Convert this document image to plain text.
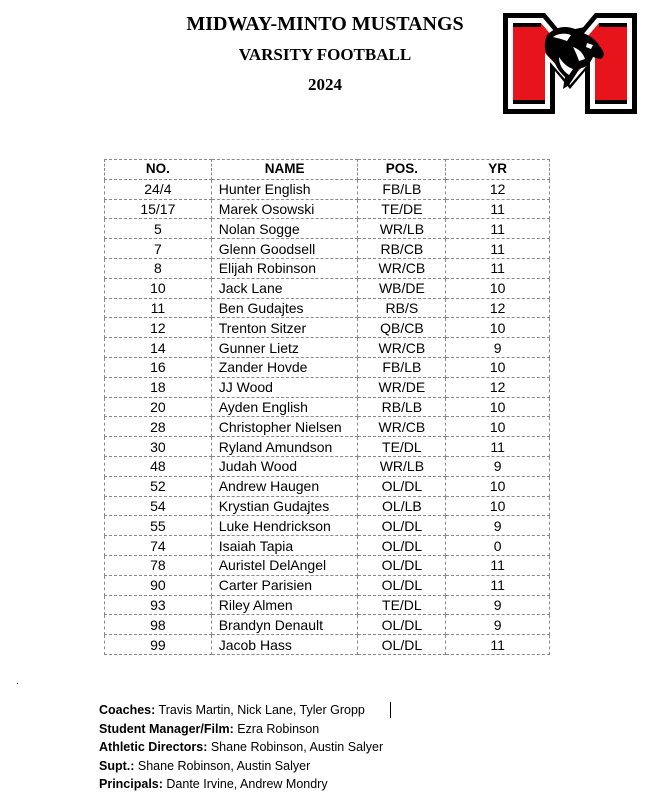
MIDWAY-MINTO MUSTANGS
VARSITY FOOTBALL
2024
NO.	NAME	POS.	YR
24/4	Hunter English	FB/LB	12
15/17	Marek Osowski	TE/DE	11
5	Nolan Sogge	WR/LB	11
7	Glenn Goodsell	RB/CB	11
8	Elijah Robinson	WR/CB	11
10	Jack Lane	WB/DE	10
11	Ben Gudajtes	RB/S	12
12	Trenton Sitzer	QB/CB	10
14	Gunner Lietz	WR/CB	9
16	Zander Hovde	FB/LB	10
18	JJ Wood	WR/DE	12
20	Ayden English	RB/LB	10
28	Christopher Nielsen	WR/CB	10
30	Ryland Amundson	TE/DL	11
48	Judah Wood	WR/LB	9
52	Andrew Haugen	OL/DL	10
54	Krystian Gudajtes	OL/LB	10
55	Luke Hendrickson	OL/DL	9
74	Isaiah Tapia	OL/DL	0
78	Auristel DelAngel	OL/DL	11
90	Carter Parisien	OL/DL	11
93	Riley Almen	TE/DL	9
98	Brandyn Denault	OL/DL	9
99	Jacob Hass	OL/DL	11
.
Coaches: Travis Martin, Nick Lane, Tyler Gropp
Student Manager/Film: Ezra Robinson
Athletic Directors: Shane Robinson, Austin Salyer
Supt.: Shane Robinson, Austin Salyer
Principals: Dante Irvine, Andrew Mondry
